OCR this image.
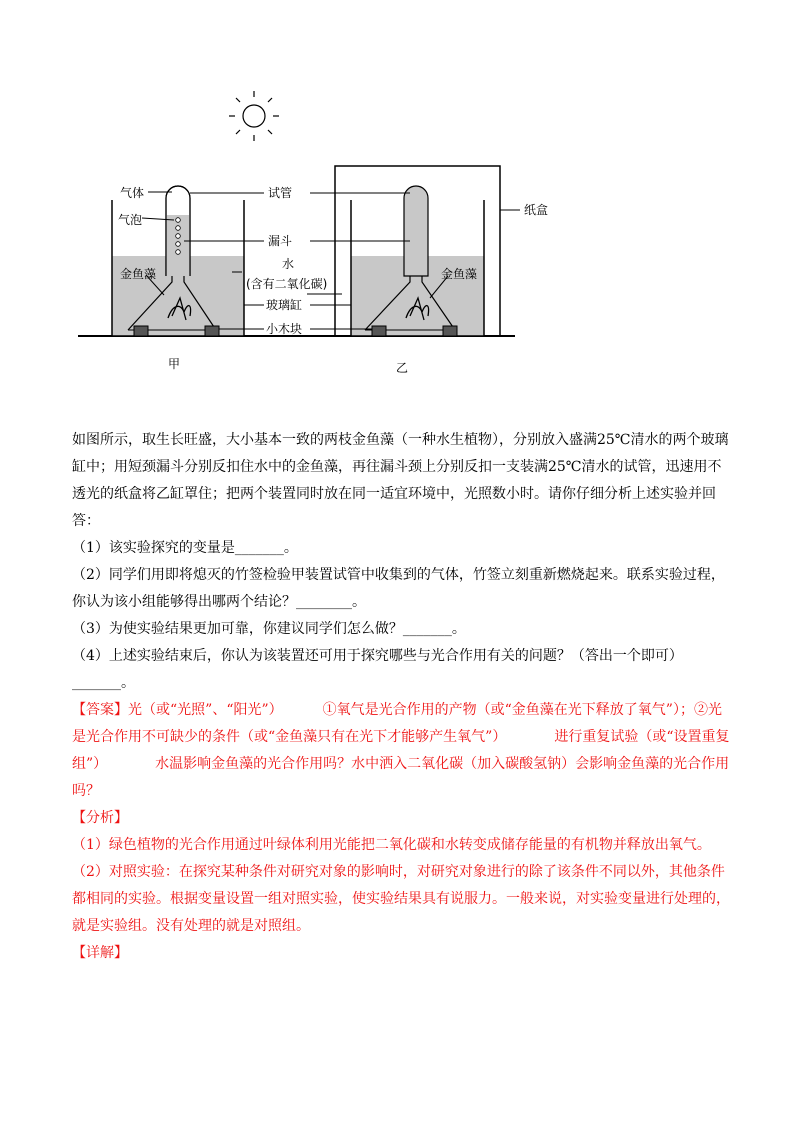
气体
气泡
金鱼藻
试管
漏斗
水
(含有二氧化碳)
玻璃缸
小木块
纸盒
金鱼藻
甲	乙

如图所示，取生长旺盛，大小基本一致的两枝金鱼藻（一种水生植物），分别放入盛满25℃清水的两个玻璃缸中；用短颈漏斗分别反扣住水中的金鱼藻，再往漏斗颈上分别反扣一支装满25℃清水的试管，迅速用不透光的纸盒将乙缸罩住；把两个装置同时放在同一适宜环境中，光照数小时。请你仔细分析上述实验并回答：

（1）该实验探究的变量是_______。

（2）同学们用即将熄灭的竹签检验甲装置试管中收集到的气体，竹签立刻重新燃烧起来。联系实验过程，你认为该小组能够得出哪两个结论？________。

（3）为使实验结果更加可靠，你建议同学们怎么做？_______。

（4）上述实验结束后，你认为该装置还可用于探究哪些与光合作用有关的问题？（答出一个即可）_______。

【答案】光（或“光照”、“阳光”）	①氧气是光合作用的产物（或“金鱼藻在光下释放了氧气”）；②光是光合作用不可缺少的条件（或“金鱼藻只有在光下才能够产生氧气”）	进行重复试验（或“设置重复组”）	水温影响金鱼藻的光合作用吗？水中洒入二氧化碳（加入碳酸氢钠）会影响金鱼藻的光合作用吗？

【分析】

（1）绿色植物的光合作用通过叶绿体利用光能把二氧化碳和水转变成储存能量的有机物并释放出氧气。

（2）对照实验：在探究某种条件对研究对象的影响时，对研究对象进行的除了该条件不同以外，其他条件都相同的实验。根据变量设置一组对照实验，使实验结果具有说服力。一般来说，对实验变量进行处理的，就是实验组。没有处理的就是对照组。

【详解】
